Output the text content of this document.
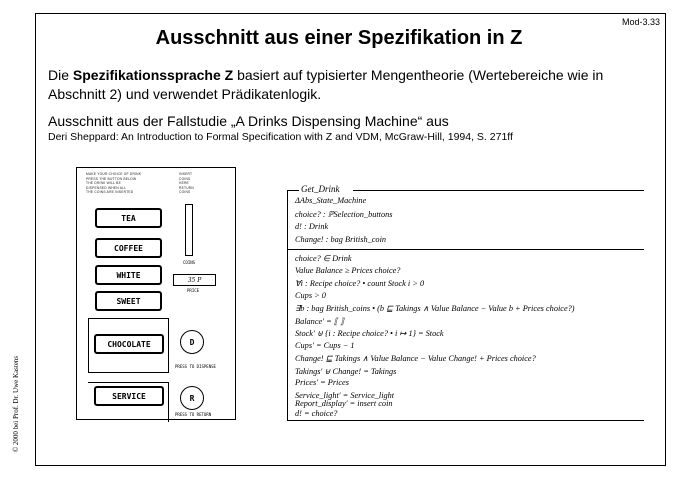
Mod-3.33
Ausschnitt aus einer Spezifikation in Z
Die Spezifikationssprache Z basiert auf typisierter Mengentheorie (Wertebereiche wie in Abschnitt 2) und verwendet Prädikatenlogik.
Ausschnitt aus der Fallstudie „A Drinks Dispensing Machine“ aus
Deri Sheppard: An Introduction to Formal Specification with Z and VDM, McGraw-Hill, 1994, S. 271ff
© 2000 bei Prof. Dr. Uwe Kastens
MAKE YOUR CHOICE OF DRINK
PRESS THE BUTTON BELOW
THE DRINK WILL BE
DISPENSED WHEN ALL
THE COINS ARE INSERTED
INSERT
COINS
HERE
RETURN
COINS
TEA
COFFEE
WHITE
SWEET
CHOCOLATE
SERVICE
COINS
35 P
PRICE
D
PRESS TO DISPENSE
R
PRESS TO RETURN
Get_Drink
ΔAbs_State_Machine
choice? : ℙSelection_buttons
d! : Drink
Change! : bag British_coin
choice? ∈ Drink
Value Balance ≥ Prices choice?
∀i : Recipe choice? • count Stock i > 0
Cups > 0
∃b : bag British_coins • (b ⊑ Takings ∧ Value Balance − Value b + Prices choice?)
Balance′ = ⟦ ⟧
Stock′ ⊎ {i : Recipe choice? • i ↦ 1} = Stock
Cups′ = Cups − 1
Change! ⊑ Takings ∧ Value Balance − Value Change! + Prices choice?
Takings′ ⊎ Change! = Takings
Prices′ = Prices
Service_light′ = Service_light
Report_display′ = insert coin
d! = choice?
